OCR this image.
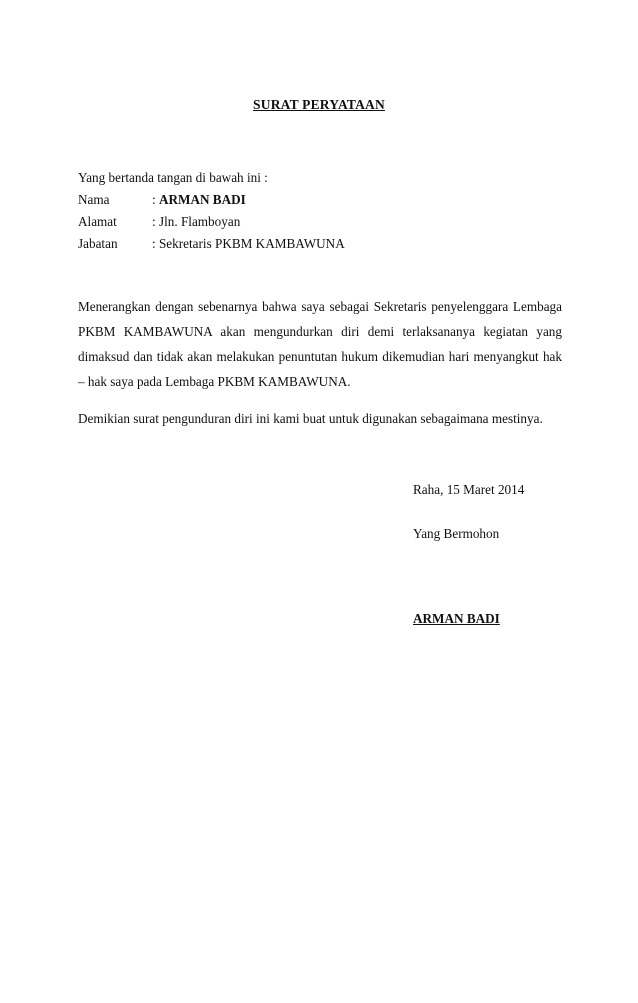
SURAT PERYATAAN
Yang bertanda tangan di bawah ini :
Nama	: ARMAN BADI
Alamat	: Jln. Flamboyan
Jabatan	: Sekretaris PKBM KAMBAWUNA
Menerangkan dengan sebenarnya bahwa saya sebagai Sekretaris penyelenggara Lembaga PKBM KAMBAWUNA akan mengundurkan diri demi terlaksananya kegiatan yang dimaksud dan tidak akan melakukan penuntutan hukum dikemudian hari menyangkut hak – hak saya pada Lembaga PKBM KAMBAWUNA.
Demikian surat pengunduran diri ini kami buat untuk digunakan sebagaimana mestinya.
Raha, 15 Maret 2014
Yang Bermohon
ARMAN BADI
